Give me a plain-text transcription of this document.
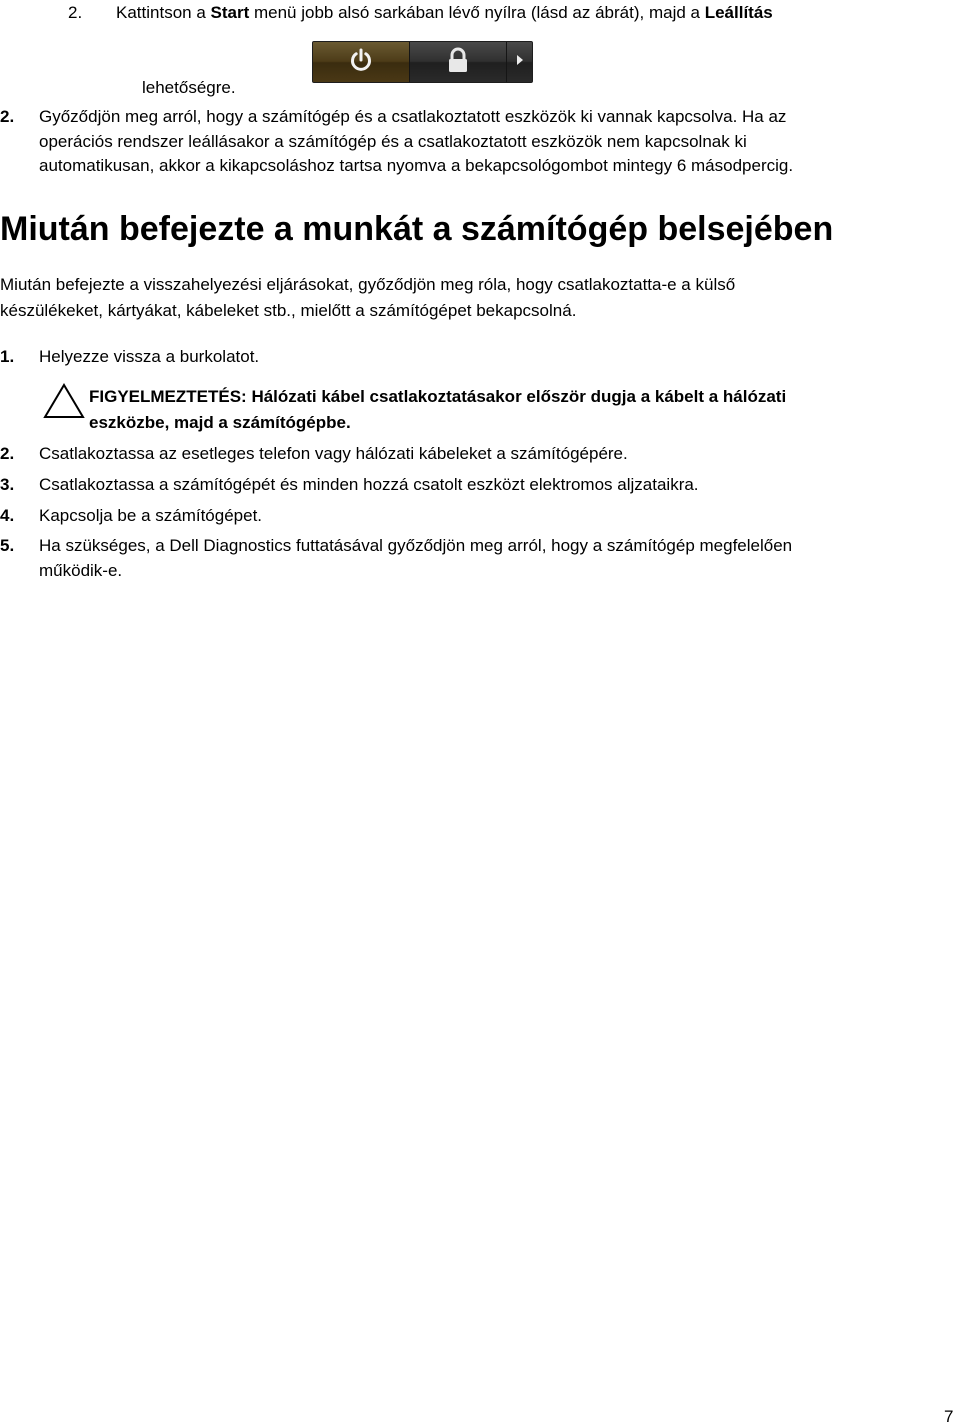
2. Kattintson a Start menü jobb alsó sarkában lévő nyílra (lásd az ábrát), majd a Leállítás
lehetőségre.
2. Győződjön meg arról, hogy a számítógép és a csatlakoztatott eszközök ki vannak kapcsolva. Ha az
operációs rendszer leállásakor a számítógép és a csatlakoztatott eszközök nem kapcsolnak ki
automatikusan, akkor a kikapcsoláshoz tartsa nyomva a bekapcsológombot mintegy 6 másodpercig.
Miután befejezte a munkát a számítógép belsejében
Miután befejezte a visszahelyezési eljárásokat, győződjön meg róla, hogy csatlakoztatta-e a külső
készülékeket, kártyákat, kábeleket stb., mielőtt a számítógépet bekapcsolná.
1. Helyezze vissza a burkolatot.
FIGYELMEZTETÉS: Hálózati kábel csatlakoztatásakor először dugja a kábelt a hálózati
eszközbe, majd a számítógépbe.
2. Csatlakoztassa az esetleges telefon vagy hálózati kábeleket a számítógépére.
3. Csatlakoztassa a számítógépét és minden hozzá csatolt eszközt elektromos aljzataikra.
4. Kapcsolja be a számítógépet.
5. Ha szükséges, a Dell Diagnostics futtatásával győződjön meg arról, hogy a számítógép megfelelően
működik-e.
7
